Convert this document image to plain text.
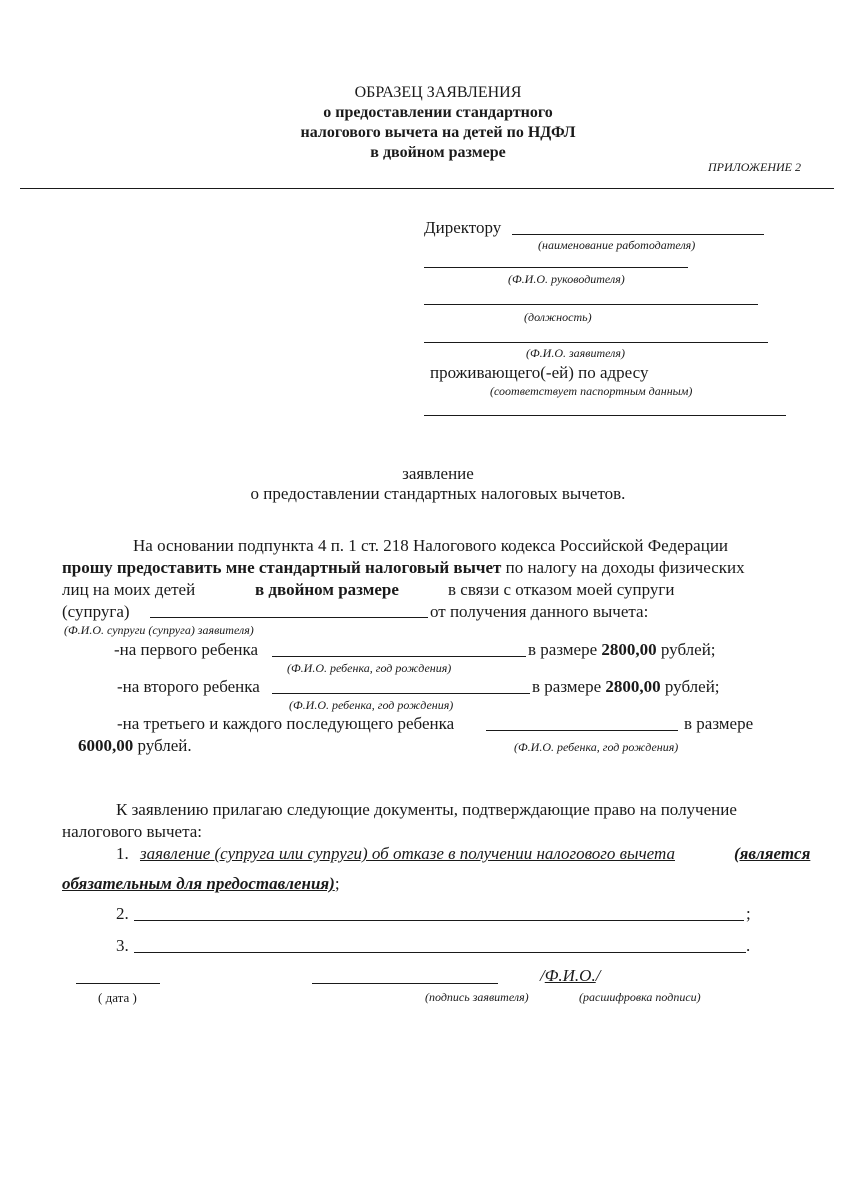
ОБРАЗЕЦ ЗАЯВЛЕНИЯ
о предоставлении стандартного
налогового вычета на детей по НДФЛ
в двойном размере
ПРИЛОЖЕНИЕ 2
Директору
(наименование работодателя)
(Ф.И.О. руководителя)
(должность)
(Ф.И.О. заявителя)
проживающего(-ей) по адресу
(соответствует паспортным данным)
заявление
о предоставлении стандартных налоговых вычетов.
На основании подпункта 4 п. 1 ст. 218 Налогового кодекса Российской Федерации
прошу предоставить мне стандартный налоговый вычет по налогу на доходы физических
лиц на моих детей	в двойном размере	в связи с отказом моей супруги
(супруга)	от получения данного вычета:
(Ф.И.О. супруги (супруга) заявителя)
-на первого ребенка	в размере 2800,00 рублей;
(Ф.И.О. ребенка, год рождения)
-на второго ребенка	в размере 2800,00 рублей;
(Ф.И.О. ребенка, год рождения)
-на третьего и каждого последующего ребенка	в размере
6000,00 рублей.	(Ф.И.О. ребенка, год рождения)
К заявлению прилагаю следующие документы, подтверждающие право на получение
налогового вычета:
1. заявление (супруга или супруги) об отказе в получении налогового вычета	(является
обязательным для предоставления);
2.	;
3.	.
( дата )	(подпись заявителя)
/Ф.И.О./
(расшифровка подписи)
